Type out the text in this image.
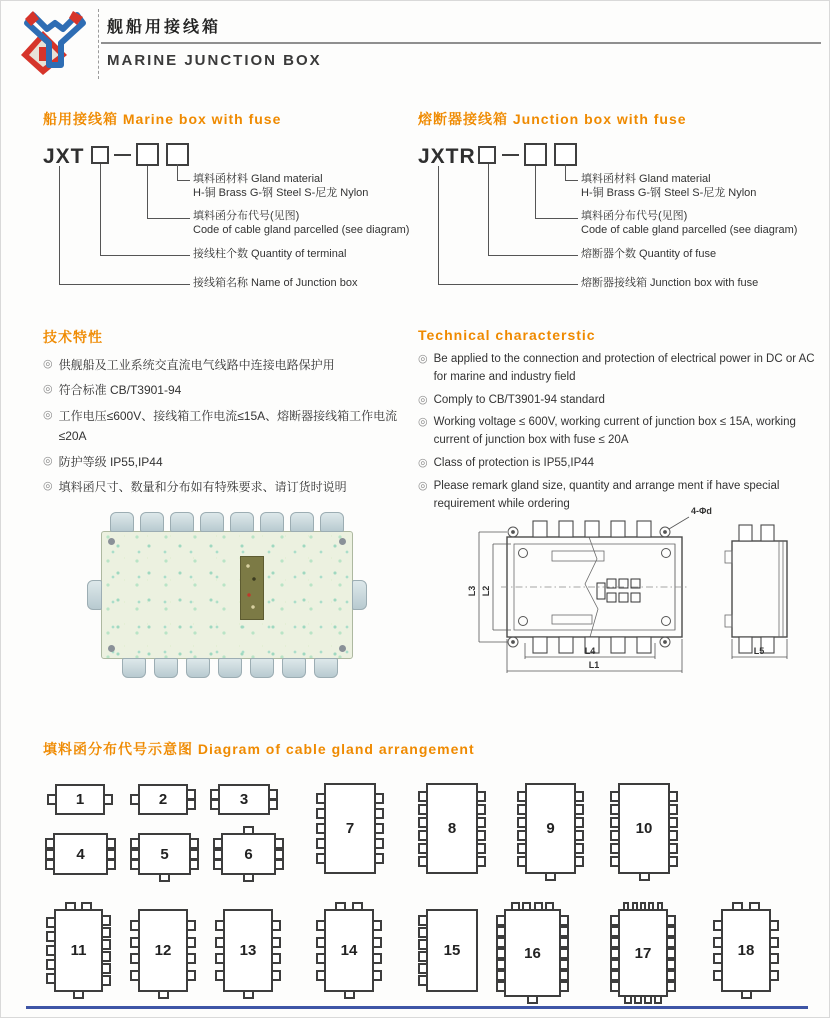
舰船用接线箱
MARINE JUNCTION BOX
船用接线箱 Marine box with fuse	熔断器接线箱 Junction box with fuse
JXT
填料函材料 Gland material
H-铜 Brass G-钢 Steel S-尼龙 Nylon
填料函分布代号(见图)
Code of cable gland parcelled (see diagram)
接线柱个数 Quantity of terminal
接线箱名称 Name of Junction box
JXTR
填料函材料 Gland material
H-铜 Brass G-钢 Steel S-尼龙 Nylon
填料函分布代号(见图)
Code of cable gland parcelled (see diagram)
熔断器个数 Quantity of fuse
熔断器接线箱 Junction box with fuse
技术特性
◎ 供舰船及工业系统交直流电气线路中连接电路保护用
◎ 符合标准 CB/T3901-94
◎ 工作电压≤600V、接线箱工作电流≤15A、熔断器接线箱工作电流≤20A
◎ 防护等级 IP55,IP44
◎ 填料函尺寸、数量和分布如有特殊要求、请订货时说明
Technical characterstic
◎ Be applied to the connection and protection of electrical power in DC or AC for marine and industry field
◎ Comply to CB/T3901-94 standard
◎ Working voltage ≤ 600V, working current of junction box ≤ 15A, working current of junction box with fuse ≤ 20A
◎ Class of protection is IP55,IP44
◎ Please remark gland size, quantity and arrange ment if have special requirement while ordering
L2
L3
L4
L1
4-Φd
L5
填料函分布代号示意图 Diagram of cable gland arrangement
1	2	3
4	5	6
7	8	9	10
11	12	13	14	15	16	17	18
